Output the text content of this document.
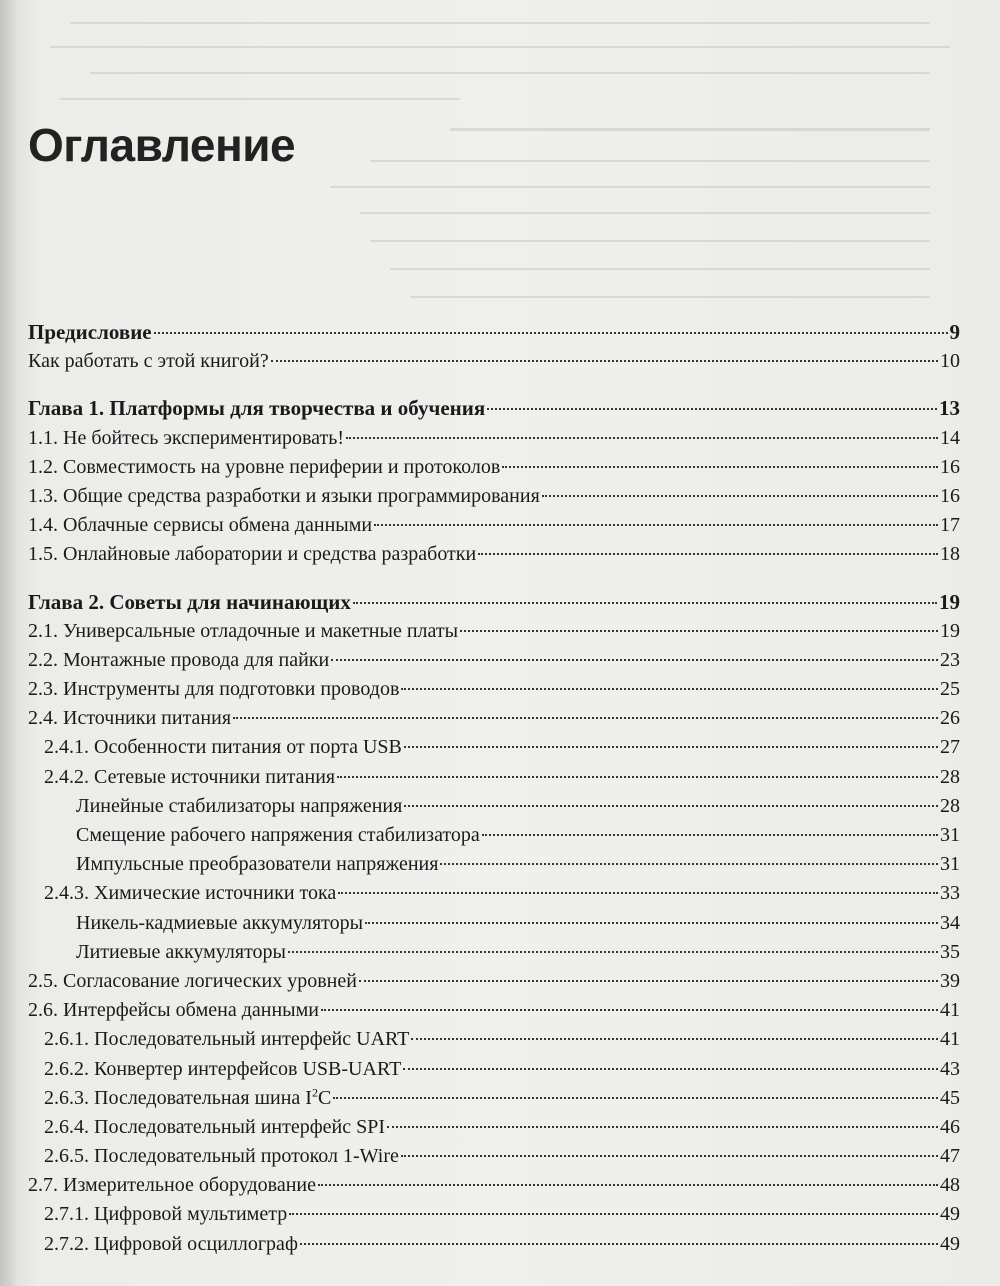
Оглавление
Предисловие	9
Как работать с этой книгой?	10
Глава 1. Платформы для творчества и обучения	13
1.1. Не бойтесь экспериментировать!	14
1.2. Совместимость на уровне периферии и протоколов	16
1.3. Общие средства разработки и языки программирования	16
1.4. Облачные сервисы обмена данными	17
1.5. Онлайновые лаборатории и средства разработки	18
Глава 2. Советы для начинающих	19
2.1. Универсальные отладочные и макетные платы	19
2.2. Монтажные провода для пайки	23
2.3. Инструменты для подготовки проводов	25
2.4. Источники питания	26
2.4.1. Особенности питания от порта USB	27
2.4.2. Сетевые источники питания	28
Линейные стабилизаторы напряжения	28
Смещение рабочего напряжения стабилизатора	31
Импульсные преобразователи напряжения	31
2.4.3. Химические источники тока	33
Никель-кадмиевые аккумуляторы	34
Литиевые аккумуляторы	35
2.5. Согласование логических уровней	39
2.6. Интерфейсы обмена данными	41
2.6.1. Последовательный интерфейс UART	41
2.6.2. Конвертер интерфейсов USB-UART	43
2.6.3. Последовательная шина $I^2C$	45
2.6.4. Последовательный интерфейс SPI	46
2.6.5. Последовательный протокол 1-Wire	47
2.7. Измерительное оборудование	48
2.7.1. Цифровой мультиметр	49
2.7.2. Цифровой осциллограф	49
